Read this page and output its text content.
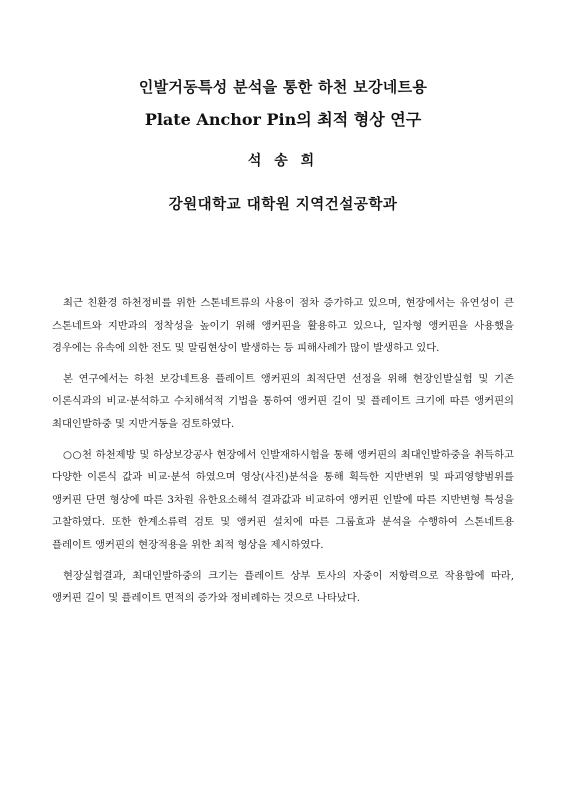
인발거동특성 분석을 통한 하천 보강네트용
Plate Anchor Pin의 최적 형상 연구
석 송 희
강원대학교 대학원 지역건설공학과

최근 친환경 하천정비를 위한 스톤네트류의 사용이 점차 증가하고 있으며, 현장에서는 유연성이 큰 스톤네트와 지반과의 정착성을 높이기 위해 앵커핀을 활용하고 있으나, 일자형 앵커핀을 사용했을 경우에는 유속에 의한 전도 및 말림현상이 발생하는 등 피해사례가 많이 발생하고 있다.

본 연구에서는 하천 보강네트용 플레이트 앵커핀의 최적단면 선정을 위해 현장인발실험 및 기존 이론식과의 비교·분석하고 수치해석적 기법을 통하여 앵커핀 길이 및 플레이트 크기에 따른 앵커핀의 최대인발하중 및 지반거동을 검토하였다.

○○천 하천제방 및 하상보강공사 현장에서 인발재하시험을 통해 앵커핀의 최대인발하중을 취득하고 다양한 이론식 값과 비교·분석 하였으며 영상(사진)분석을 통해 획득한 지반변위 및 파괴영향범위를 앵커핀 단면 형상에 따른 3차원 유한요소해석 결과값과 비교하여 앵커핀 인발에 따른 지반변형 특성을 고찰하였다. 또한 한계소류력 검토 및 앵커핀 설치에 따른 그룹효과 분석을 수행하여 스톤네트용 플레이트 앵커핀의 현장적용을 위한 최적 형상을 제시하였다.

현장실험결과, 최대인발하중의 크기는 플레이트 상부 토사의 자중이 저항력으로 작용함에 따라, 앵커핀 길이 및 플레이트 면적의 증가와 정비례하는 것으로 나타났다.
